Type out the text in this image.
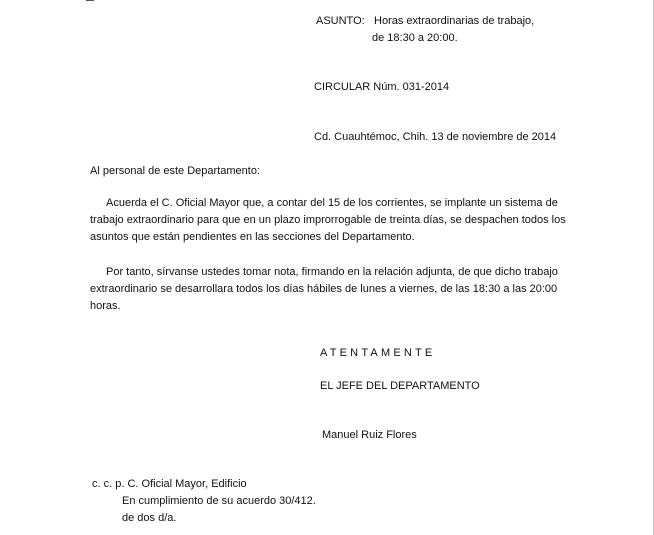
ASUNTO: Horas extraordinarias de trabajo,
de 18:30 a 20:00.
CIRCULAR Núm. 031-2014
Cd. Cuauhtémoc, Chih. 13 de noviembre de 2014
Al personal de este Departamento:
Acuerda el C. Oficial Mayor que, a contar del 15 de los corrientes, se implante un sistema de
trabajo extraordinario para que en un plazo improrrogable de treinta días, se despachen todos los
asuntos que están pendientes en las secciones del Departamento.
Por tanto, sírvanse ustedes tomar nota, firmando en la relación adjunta, de que dicho trabajo
extraordinario se desarrollara todos los días hábiles de lunes a viernes, de las 18:30 a las 20:00
horas.
ATENTAMENTE
EL JEFE DEL DEPARTAMENTO
Manuel Ruiz Flores
c. c. p. C. Oficial Mayor, Edificio
En cumplimiento de su acuerdo 30/412.
de dos d/a.
